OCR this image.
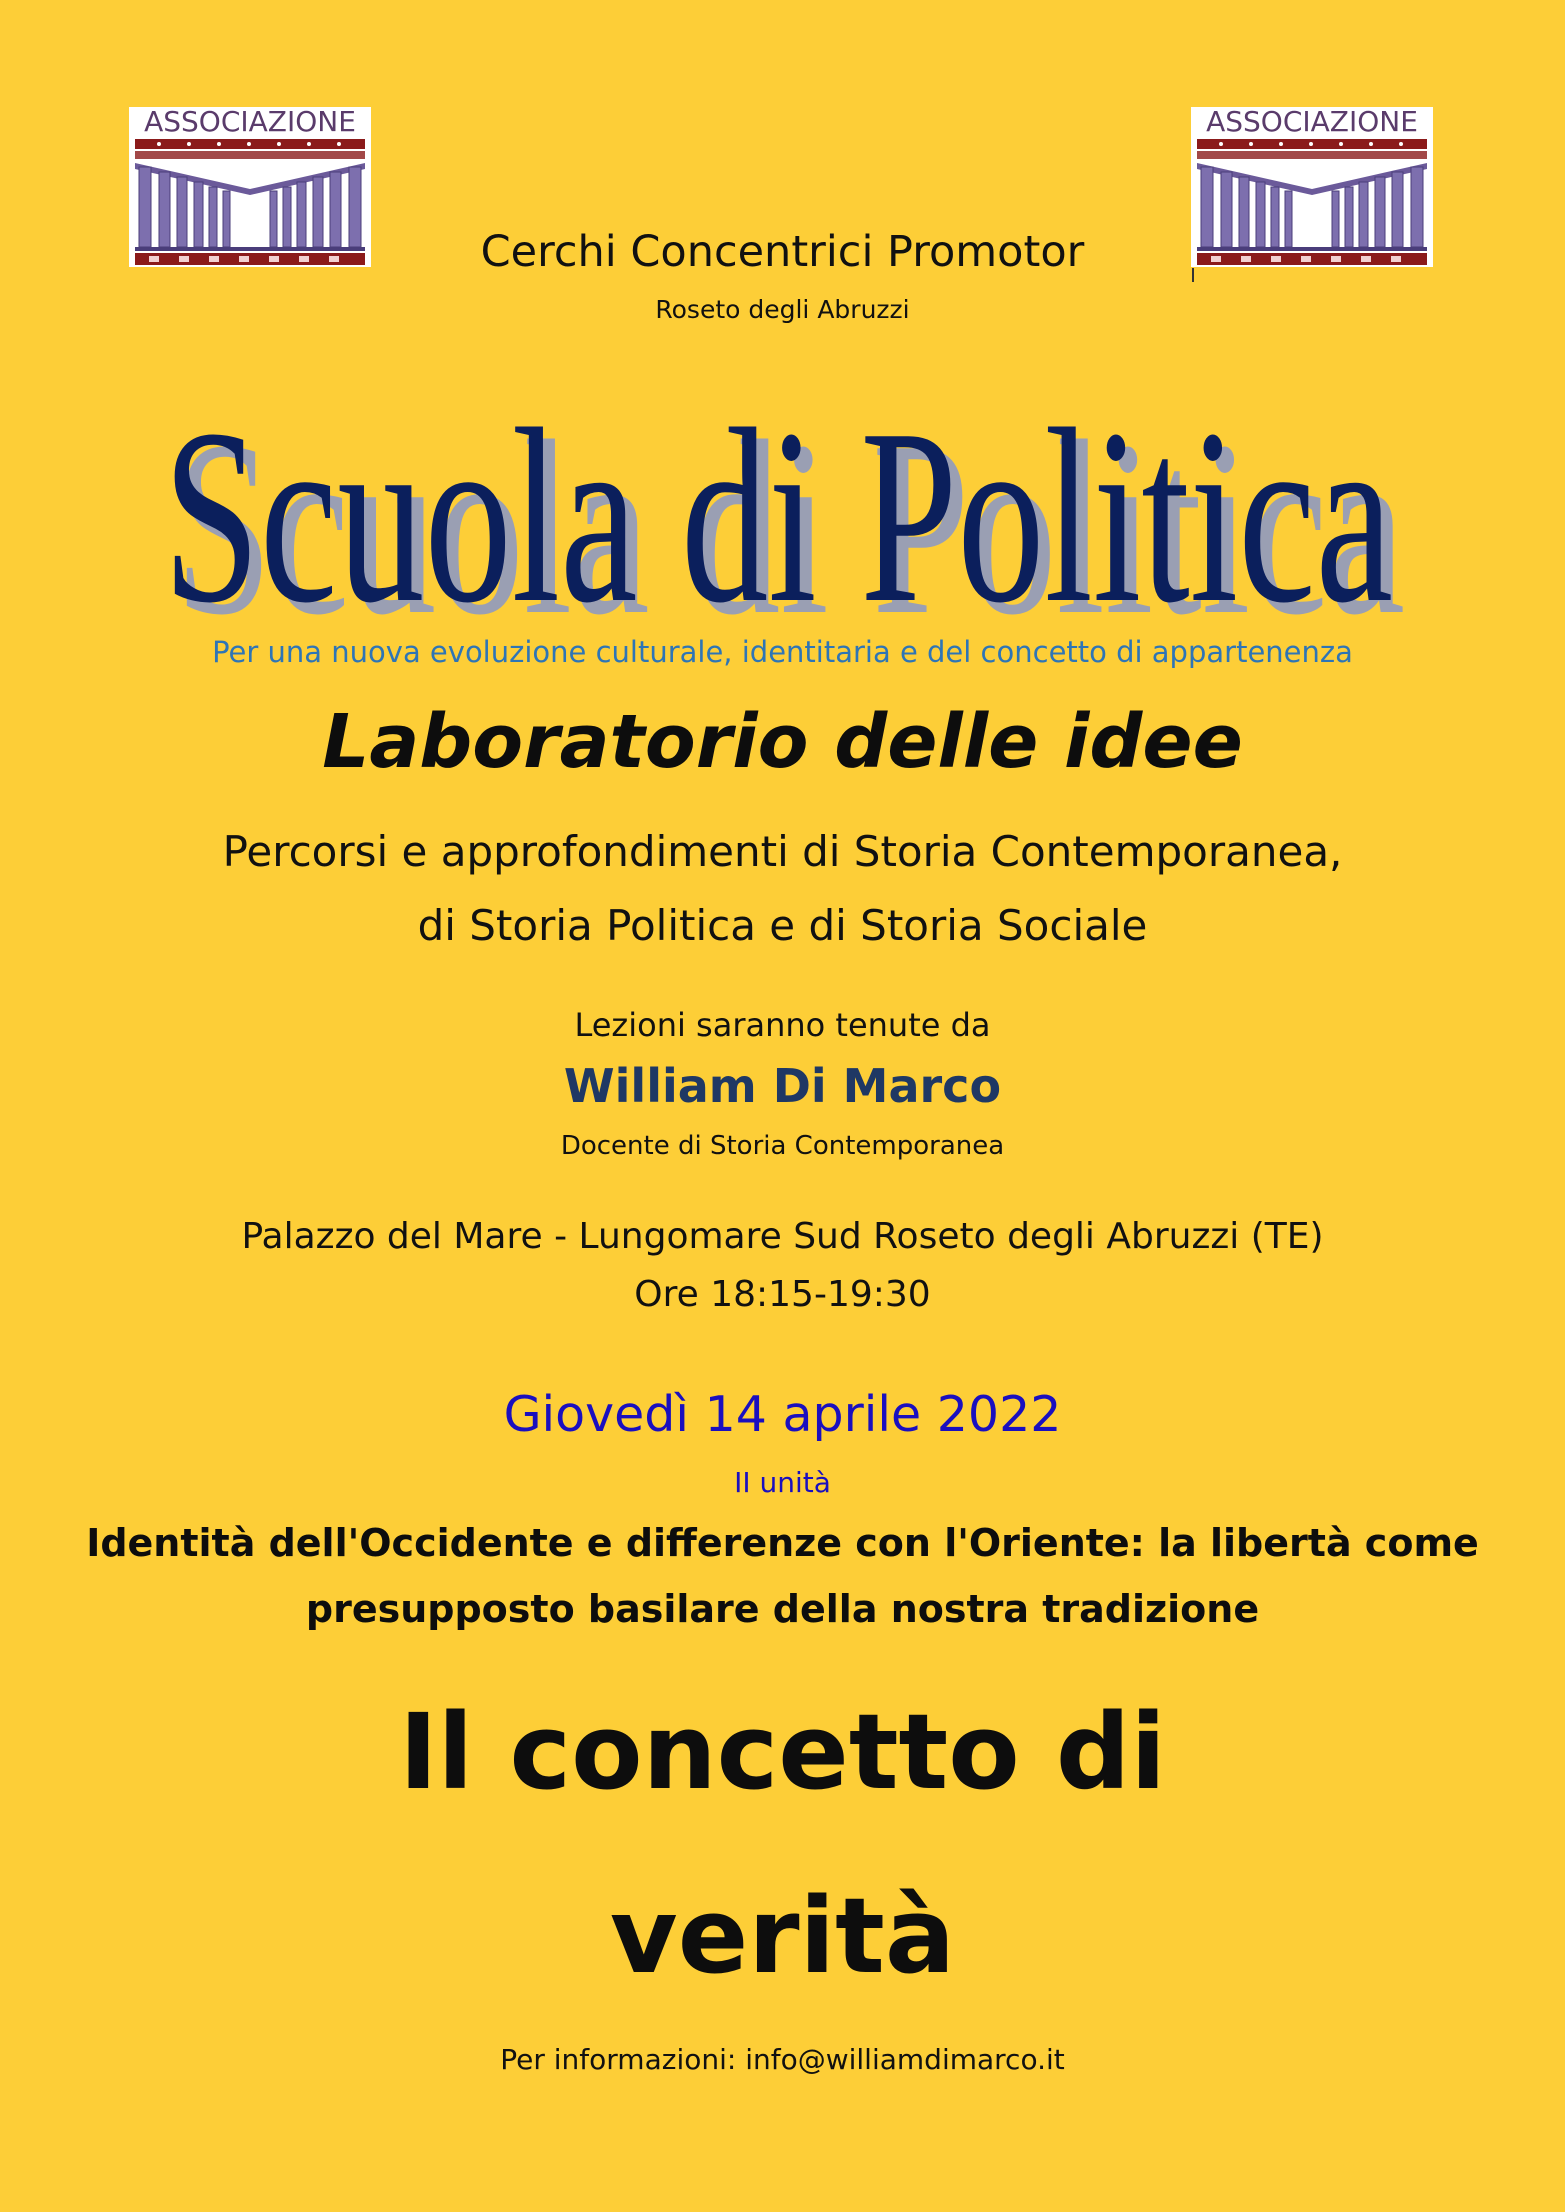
ASSOCIAZIONE	ASSOCIAZIONE
Cerchi Concentrici Promotor
Roseto degli Abruzzi
Scuola di Politica
Scuola di Politica
Per una nuova evoluzione culturale, identitaria e del concetto di appartenenza
Laboratorio delle idee
Percorsi e approfondimenti di Storia Contemporanea,
di Storia Politica e di Storia Sociale
Lezioni saranno tenute da
William Di Marco
Docente di Storia Contemporanea
Palazzo del Mare - Lungomare Sud Roseto degli Abruzzi (TE)
Ore 18:15-19:30
Giovedì 14 aprile 2022
II unità
Identità dell'Occidente e differenze con l'Oriente: la libertà come
presupposto basilare della nostra tradizione
Il concetto di
verità
Per informazioni: info@williamdimarco.it
